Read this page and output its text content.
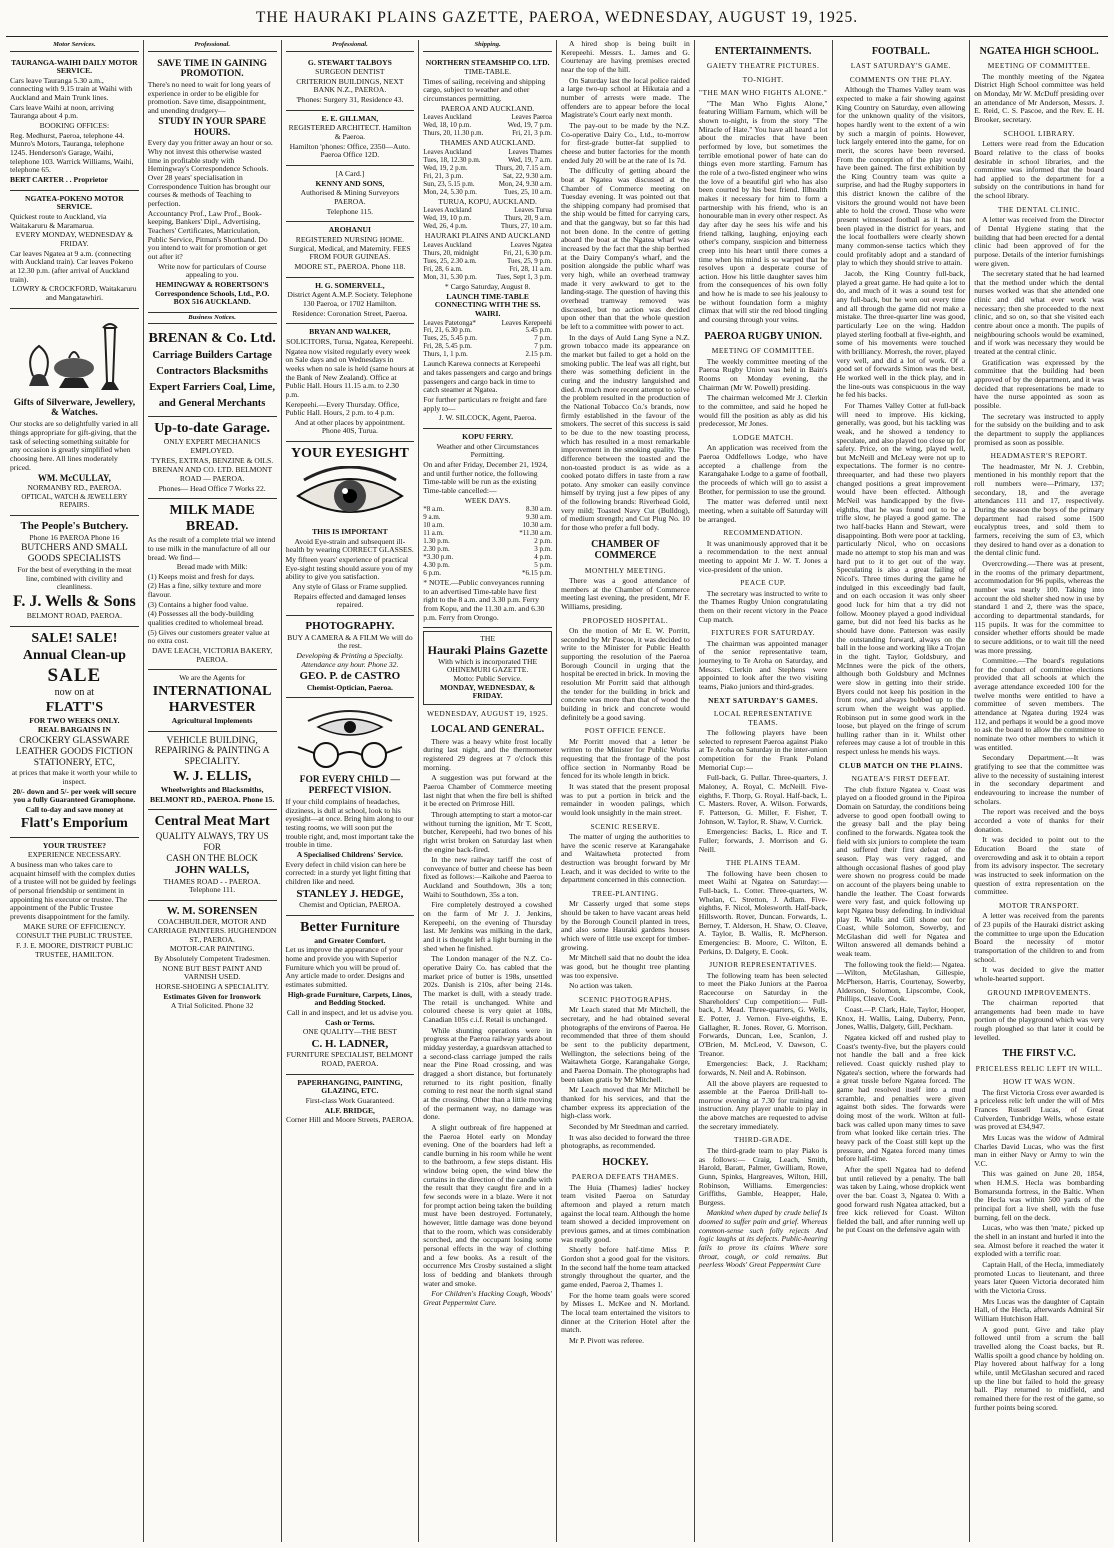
THE HAURAKI PLAINS GAZETTE, PAEROA, WEDNESDAY, AUGUST 19, 1925.
Motor Services.

TAURANGA-WAIHI DAILY MOTOR SERVICE.

Cars leave Tauranga 5.30 a.m., connecting with 9.15 train at Waihi with Auckland and Main Trunk lines.

Cars leave Waihi at noon, arriving Tauranga about 4 p.m.

BOOKING OFFICES:

Reg. Medhurst, Paeroa, telephone 44. Munro's Motors, Tauranga, telephone 1245. Henderson's Garage, Waihi, telephone 103. Warrick Williams, Waihi, telephone 65.

BERT CARTER . . Proprietor

NGATEA-POKENO MOTOR SERVICE.

Quickest route to Auckland, via Waitakaruru & Maramarua.

EVERY MONDAY, WEDNESDAY & FRIDAY.

Car leaves Ngatea at 9 a.m. (connecting with Auckland train). Car leaves Pokeno at 12.30 p.m. (after arrival of Auckland train).

LOWRY & CROCKFORD, Waitakaruru and Mangatawhiri.

Gifts of Silverware, Jewellery, & Watches.

Our stocks are so delightfully varied in all things appropriate for gift-giving, that the task of selecting something suitable for any occasion is greatly simplified when choosing here. All lines moderately priced.

WM. McCULLAY,

NORMANBY RD., PAEROA.

OPTICAL, WATCH & JEWELLERY REPAIRS.

The People's Butchery.

Phone 16 PAEROA Phone 16

BUTCHERS AND SMALL GOODS SPECIALISTS

For the best of everything in the meat line, combined with civility and cleanliness.

F. J. Wells & Sons

BELMONT ROAD, PAEROA.

SALE! SALE!

Annual Clean-up

SALE

now on at

FLATT'S

FOR TWO WEEKS ONLY.

REAL BARGAINS IN

CROCKERY GLASSWARE LEATHER GOODS FICTION STATIONERY, ETC,

at prices that make it worth your while to inspect.

20/- down and 5/- per week will secure you a fully Guaranteed Gramophone.

Call to-day and save money at

Flatt's Emporium

YOUR TRUSTEE?

EXPERIENCE NECESSARY.

A business man who takes care to acquaint himself with the complex duties of a trustee will not be guided by feelings of personal friendship or sentiment in appointing his executor or trustee. The appointment of the Public Trustee prevents disappointment for the family.

MAKE SURE OF EFFICIENCY.

CONSULT THE PUBLIC TRUSTEE.

F. J. E. MOORE, DISTRICT PUBLIC TRUSTEE, HAMILTON.

Professional.

SAVE TIME IN GAINING PROMOTION.

There's no need to wait for long years of experience in order to be eligible for promotion. Save time, disappointment, and unending drudgery—

STUDY IN YOUR SPARE HOURS.

Every day you fritter away an hour or so. Why not invest this otherwise wasted time in profitable study with Hemingway's Correspondence Schools. Over 28 years' specialisation in Correspondence Tuition has brought our courses & methods of Teaching to perfection.

Accountancy Prof., Law Prof., Book-keeping, Bankers' Dipl., Advertising, Teachers' Certificates, Matriculation, Public Service, Pitman's Shorthand. Do you intend to wait for promotion or get out after it?

Write now for particulars of Course appealing to you.

HEMINGWAY & ROBERTSON'S Correspondence Schools, Ltd., P.O. BOX 516 AUCKLAND.

Business Notices.

BRENAN & Co. Ltd.

Carriage Builders Cartage Contractors Blacksmiths Expert Farriers Coal, Lime, and General Merchants

Up-to-date Garage.

ONLY EXPERT MECHANICS EMPLOYED.

TYRES, EXTRAS, BENZINE & OILS.

BRENAN AND CO. LTD. BELMONT ROAD — PAEROA.

Phones— Head Office 7 Works 22.

MILK MADE BREAD.

As the result of a complete trial we intend to use milk in the manufacture of all our bread. We find—

Bread made with Milk:

(1) Keeps moist and fresh for days.

(2) Has a fine, silky texture and more flavour.

(3) Contains a higher food value.

(4) Possesses all the body-building qualities credited to wholemeal bread.

(5) Gives our customers greater value at no extra cost.

DAVE LEACH, VICTORIA BAKERY, PAEROA.

We are the Agents for

INTERNATIONAL HARVESTER

Agricultural Implements

VEHICLE BUILDING, REPAIRING & PAINTING A SPECIALITY.

W. J. ELLIS,

Wheelwrights and Blacksmiths,

BELMONT RD., PAEROA. Phone 15.

Central Meat Mart

QUALITY ALWAYS, TRY US FOR

CASH ON THE BLOCK

JOHN WALLS,

THAMES ROAD - - PAEROA. Telephone 111.

W. M. SORENSEN

COACHBUILDER, MOTOR AND CARRIAGE PAINTERS. HUGHENDON ST., PAEROA.

MOTOR-CAR PAINTING.

By Absolutely Competent Tradesmen.

NONE BUT BEST PAINT AND VARNISH USED.

HORSE-SHOEING A SPECIALITY.

Estimates Given for Ironwork

A Trial Solicited. Phone 32

Professional.

G. STEWART TALBOYS

SURGEON DENTIST

CRITERION BUILDINGS, NEXT BANK N.Z., PAEROA.

'Phones: Surgery 31, Residence 43.

E. E. GILLMAN,

REGISTERED ARCHITECT. Hamilton & Paeroa.

Hamilton 'phones: Office, 2350—Auto. Paeroa Office 12D.

[A Card.]

KENNY AND SONS,

Authorised & Mining Surveyors PAEROA.

Telephone 115.

AROHANUI

REGISTERED NURSING HOME. Surgical, Medical, and Maternity. FEES FROM FOUR GUINEAS.

MOORE ST., PAEROA. Phone 118.

H. G. SOMERVELL,

District Agent A.M.P. Society. Telephone 130 Paeroa, or 1702 Hamilton.

Residence: Coronation Street, Paeroa.

BRYAN AND WALKER,

SOLICITORS, Turua, Ngatea, Kerepeehi.

Ngatea now visited regularly every week on Sale days and on Wednesdays in weeks when no sale is held (same hours at the Bank of New Zealand). Office at Public Hall. Hours 11.15 a.m. to 2.30 p.m.

Kerepeehi.—Every Thursday. Office, Public Hall. Hours, 2 p.m. to 4 p.m.

And at other places by appointment. Phone 40S, Turua.

YOUR EYESIGHT

THIS IS IMPORTANT

Avoid Eye-strain and subsequent ill-health by wearing CORRECT GLASSES.

My fifteen years' experience of practical Eye-sight testing should assure you of my ability to give you satisfaction.

Any style of Glass or Frame supplied.

Repairs effected and damaged lenses repaired.

PHOTOGRAPHY.

BUY A CAMERA & A FILM We will do the rest.

Developing & Printing a Specialty. Attendance any hour. Phone 32.

GEO. P. de CASTRO

Chemist-Optician, Paeroa.

FOR EVERY CHILD —PERFECT VISION.

If your child complains of headaches, dizziness, is dull at school, look to his eyesight—at once. Bring him along to our testing rooms, we will soon put the trouble right, and, most important take the trouble in time.

A Specialised Childrens' Service.

Every defect in child vision can here be corrected: in a sturdy yet light fitting that children like and need.

STANLEY J. HEDGE,

Chemist and Optician, PAEROA.

Better Furniture

and Greater Comfort.

Let us improve the appearance of your home and provide you with Superior Furniture which you will be proud of. Any article made to order. Designs and estimates submitted.

High-grade Furniture, Carpets, Linos, and Bedding Stocked.

Call in and inspect, and let us advise you.

Cash or Terms.

ONE QUALITY—THE BEST

C. H. LADNER,

FURNITURE SPECIALIST, BELMONT ROAD, PAEROA.

PAPERHANGING, PAINTING, GLAZING, ETC.

First-class Work Guaranteed.

ALF. BRIDGE,

Corner Hill and Moore Streets, PAEROA.

Shipping.

NORTHERN STEAMSHIP CO. LTD.

TIME-TABLE.

Times of sailing, receiving and shipping cargo, subject to weather and other circumstances permitting.

PAEROA AND AUCKLAND.

Leaves Auckland	Leaves Paeroa
Wed, 18, 10 p.m.	Wed, 19, 7 p.m.
Thurs, 20, 11.30 p.m.	Fri, 21, 3 p.m.

THAMES AND AUCKLAND.

Leaves Auckland	Leaves Thames
Tues, 18, 12.30 p.m.	Wed, 19, 7 a.m.
Wed, 19, 2 p.m.	Thurs, 20, 7.15 a.m.
Fri, 21, 3 p.m.	Sat, 22, 9.30 a.m.
Sun, 23, 5.15 p.m.	Mon, 24, 9.30 a.m.
Mon, 24, 5.30 p.m.	Tues, 25, 10 a.m.

TURUA, KOPU, AUCKLAND.

Leaves Auckland	Leaves Turua
Wed, 19, 10 p.m.	Thurs, 20, 9 a.m.
Wed, 26, 4 p.m.	Thurs, 27, 10 a.m.

HAURAKI PLAINS AND AUCKLAND

Leaves Auckland	Leaves Ngatea
Thurs, 20, midnight	Fri, 21, 6.30 p.m.
Tues, 25, 2.30 a.m.	Tues, 25, 9 p.m.
Fri, 28, 6 a.m.	Fri, 28, 11 a.m.
Mon, 31, 5.30 p.m.	Tues, Sept 1, 3 p.m.

* Cargo Saturday, August 8.

LAUNCH TIME-TABLE CONNECTING WITH THE SS. WAIRI.

Leaves Patetonga*	Leaves Kerepeehi
Fri, 21, 6.30 p.m.	5.45 p.m.
Tues, 25, 5.45 p.m.	7 p.m.
Fri, 28, 5.45 p.m.	7 p.m.
Thurs, 1, 1 p.m.	2.15 p.m.

Launch Karewa connects at Kerepeehi and takes passengers and cargo and brings passengers and cargo back in time to catch steamer at Ngatea.

For further particulars re freight and fare apply to—

J. W. SILCOCK, Agent, Paeroa.

KOPU FERRY.

Weather and other Circumstances Permitting.

On and after Friday, December 21, 1924, and until further notice, the following Time-table will be run as the existing Time-table cancelled:—

WEEK DAYS.

*8 a.m.	8.30 a.m.
9 a.m.	9.30 a.m.
10 a.m.	10.30 a.m.
11 a.m.	*11.30 a.m.
1.30 p.m.	2 p.m.
2.30 p.m.	3 p.m.
*3.30 p.m.	4 p.m.
4.30 p.m.	5 p.m.
6 p.m.	*6.15 p.m.

* NOTE.—Public conveyances running to an advertised Time-table have first right to the 8 a.m. and 3.30 p.m. Ferry from Kopu, and the 11.30 a.m. and 6.30 p.m. Ferry from Orongo.

THE

Hauraki Plains Gazette

With which is incorporated THE OHINEMURI GAZETTE.

Motto: Public Service.

MONDAY, WEDNESDAY, & FRIDAY.

WEDNESDAY, AUGUST 19, 1925.

LOCAL AND GENERAL.

There was a heavy white frost locally during last night, and the thermometer registered 29 degrees at 7 o'clock this morning.

A suggestion was put forward at the Paeroa Chamber of Commerce meeting last night that when the fire bell is shifted it be erected on Primrose Hill.

Through attempting to start a motor-car without turning the ignition, Mr T. Scott, butcher, Kerepeehi, had two bones of his right wrist broken on Saturday last when the engine back-fired.

In the new railway tariff the cost of conveyance of butter and cheese has been fixed as follows:—Kaikohe and Paeroa to Auckland and Southdown, 30s a ton; Waihi to Southdown, 35s a ton.

Fire completely destroyed a cowshed on the farm of Mr J. J. Jenkins, Kerepeehi, on the evening of Thursday last. Mr Jenkins was milking in the dark, and it is thought left a light burning in the shed when he finished.

The London manager of the N.Z. Co-operative Dairy Co. has cabled that the market price of butter is 198s, unsettled 202s. Danish is 210s, after being 214s. The market is dull, with a steady trade. The retail is unchanged. White and coloured cheese is very quiet at 108s, Canadian 105s c.i.f. Retail is unchanged.

While shunting operations were in progress at the Paeroa railway yards about midday yesterday, a guardsvan attached to a second-class carriage jumped the rails near the Pine Road crossing, and was dragged a short distance, but fortunately returned to its right position, finally coming to rest near the north signal stand at the crossing. Other than a little moving of the permanent way, no damage was done.

A slight outbreak of fire happened at the Paeroa Hotel early on Monday evening. One of the boarders had left a candle burning in his room while he went to the bathroom, a few steps distant. His window being open, the wind blew the curtains in the direction of the candle with the result that they caught fire and in a few seconds were in a blaze. Were it not for prompt action being taken the building must have been destroyed. Fortunately, however, little damage was done beyond that to the room, which was considerably scorched, and the occupant losing some personal effects in the way of clothing and a few books. As a result of the occurrence Mrs Crosby sustained a slight loss of bedding and blankets through water and smoke.

For Children's Hacking Cough, Woods' Great Peppermint Cure.

A hired shop is being built in Kerepeehi. Messrs. L. James and G. Courtenay are having premises erected near the top of the hill.

On Saturday last the local police raided a large two-up school at Hikutaia and a number of arrests were made. The offenders are to appear before the local Magistrate's Court early next month.

The pay-out to be made by the N.Z. Co-operative Dairy Co., Ltd., to-morrow for first-grade butter-fat supplied to cheese and butter factories for the month ended July 20 will be at the rate of 1s 7d.

The difficulty of getting aboard the boat at Ngatea was discussed at the Chamber of Commerce meeting on Tuesday evening. It was pointed out that the shipping company had promised that the ship would be fitted for carrying cars, and that the gangway, but so far this had not been done. In the centre of getting aboard the boat at the Ngatea wharf was increased by the fact that the ship berthed at the Dairy Company's wharf, and the position alongside the public wharf was very high, while an overhead tramway made it very awkward to get to the landing-stage. The question of having this overhead tramway removed was discussed, but no action was decided upon other than that the whole question be left to a committee with power to act.

In the days of Auld Lang Syne a N.Z. grown tobacco made its appearance on the market but failed to get a hold on the smoking public. The leaf was all right, but there was something deficient in the curing and the industry languished and died. A much more recent attempt to solve the problem resulted in the production of the National Tobacco Co.'s brands, now firmly established in the favour of the smokers. The secret of this success is said to be due to the new toasting process, which has resulted in a most remarkable improvement in the smoking quality. The difference between the toasted and the non-toasted product is as wide as a cooked potato differs in taste from a raw potato. Any smoker can easily convince himself by trying just a few pipes of any of the following brands: Riverhead Gold, very mild; Toasted Navy Cut (Bulldog), of medium strength; and Cut Plug No. 10 for those who prefer a full body.

CHAMBER OF COMMERCE
MONTHLY MEETING.

There was a good attendance of members at the Chamber of Commerce meeting last evening, the president, Mr F. Williams, presiding.

PROPOSED HOSPITAL.

On the motion of Mr E. W. Porritt, seconded by Mr Pascoe, it was decided to write to the Minister for Public Health supporting the resolution of the Paeroa Borough Council in urging that the hospital be erected in brick. In moving the resolution Mr Porritt said that although the tender for the building in brick and concrete was more than that of wood the building in brick and concrete would definitely be a good saving.

POST OFFICE FENCE.

Mr Porritt moved that a letter be written to the Minister for Public Works requesting that the frontage of the post office section in Normanby Road be fenced for its whole length in brick.

It was stated that the present proposal was to put a portion in brick and the remainder in wooden palings, which would look unsightly in the main street.

SCENIC RESERVE.

The matter of urging the authorities to have the scenic reserve at Karangahake and Waitawheta protected from destruction was brought forward by Mr Leach, and it was decided to write to the department concerned in this connection.

TREE-PLANTING.

Mr Casserly urged that some steps should be taken to have vacant areas held by the Borough Council planted in trees, and also some Hauraki gardens houses which were of little use except for timber-growing.

Mr Mitchell said that no doubt the idea was good, but he thought tree planting was too expensive.

No action was taken.

SCENIC PHOTOGRAPHS.

Mr Leach stated that Mr Mitchell, the secretary, and he had obtained several photographs of the environs of Paeroa. He recommended that three of them should be sent to the publicity department, Wellington, the selections being of the Waitawheta Gorge, Karangahake Gorge, and Paeroa Domain. The photographs had been taken gratis by Mr Mitchell.

Mr Leach moved that Mr Mitchell be thanked for his services, and that the chamber express its appreciation of the high-class work.

Seconded by Mr Steedman and carried.

It was also decided to forward the three photographs, as recommended.

HOCKEY.
PAEROA DEFEATS THAMES.

The Huia (Thames) ladies' hockey team visited Paeroa on Saturday afternoon and played a return match against the local team. Although the home team showed a decided improvement on previous games, and at times combination was really good.

Shortly before half-time Miss P. Gordon shot a good goal for the visitors. In the second half the home team attacked strongly throughout the quarter, and the game ended, Paeroa 2, Thames 1.

For the home team goals were scored by Misses L. McKee and N. Morland. The local team entertained the visitors to dinner at the Criterion Hotel after the match.

Mr P. Pivott was referee.

ENTERTAINMENTS.
GAIETY THEATRE PICTURES.
TO-NIGHT.
"THE MAN WHO FIGHTS ALONE."

"The Man Who Fights Alone," featuring William Farnum, which will be shown to-night, is from the story "The Miracle of Hate." You have all heard a lot about the miracles that have been performed by love, but sometimes the terrible emotional power of hate can do things even more startling. Farnum has the role of a two-fisted engineer who wins the love of a beautiful girl who has also been courted by his best friend. Illhealth makes it necessary for him to form a partnership with his friend, who is an honourable man in every other respect. As day after day he sees his wife and his friend talking, laughing, enjoying each other's company, suspicion and bitterness creep into his heart until there comes a time when his mind is so warped that he resolves upon a desperate course of action. How his little daughter saves him from the consequences of his own folly and how he is made to see his jealousy to be without foundation form a mighty climax that will stir the red blood tingling and coursing through your veins.

PAEROA RUGBY UNION.
MEETING OF COMMITTEE.

The weekly committee meeting of the Paeroa Rugby Union was held in Bain's Rooms on Monday evening, the Chairman (Mr W. Powell) presiding.

The chairman welcomed Mr J. Clerkin to the committee, and said he hoped he would fill the position as ably as did his predecessor, Mr Jones.

LODGE MATCH.

An application was received from the Paeroa Oddfellows Lodge, who have accepted a challenge from the Karangahake Lodge to a game of football, the proceeds of which will go to assist a Brother, for permission to use the ground.

The matter was deferred until next meeting, when a suitable off Saturday will be arranged.

RECOMMENDATION.

It was unanimously approved that it be a recommendation to the next annual meeting to appoint Mr J. W. T. Jones a vice-president of the union.

PEACE CUP.

The secretary was instructed to write to the Thames Rugby Union congratulating them on their recent victory in the Peace Cup match.

FIXTURES FOR SATURDAY.

The chairman was appointed manager of the senior representative team, journeying to Te Aroha on Saturday, and Messrs. Clerkin and Stephens were appointed to look after the two visiting teams, Piako juniors and third-grades.

NEXT SATURDAY'S GAMES.
LOCAL REPRESENTATIVE TEAMS.

The following players have been selected to represent Paeroa against Piako at Te Aroha on Saturday in the inter-union competition for the Frank Poland Memorial Cup:—

Full-back, G. Pullar. Three-quarters, J. Maloney, A. Royal, C. McNeill. Five-eighths, F. Thorp, G. Royal. Half-back, L. C. Masters. Rover, A. Wilson. Forwards, F. Patterson, G. Miller, F. Fisher, T. Johnson, W. Taylor, R. Shaw, V. Currick.

Emergencies: Backs, L. Rice and T. Fuller; forwards, J. Morrison and G. Neill.

THE PLAINS TEAM.

The following have been chosen to meet Waihi at Ngatea on Saturday:— Full-back, L. Cotter. Three-quarters, W. Whelan, C. Stretton, J. Adlam. Five-eighths, F. Nicol, Molesworth. Half-back, Hillsworth. Rover, Duncan. Forwards, L. Berney, T. Alderson, H. Shaw, O. Cleave, A. Taylor, B. Wallis, R. McPherson. Emergencies: B. Moore, C. Wilton, E. Perkins, D. Dalgety, E. Cook.

JUNIOR REPRESENTATIVES.

The following team has been selected to meet the Piako Juniors at the Paeroa Racecourse on Saturday in the Shareholders' Cup competition:— Full-back, J. Mead. Three-quarters, G. Wells, E. Potter, J. Vernon. Five-eighths, E. Gallagher, R. Jones. Rover, G. Morrison. Forwards, Duncan, Lee, Scanlon, J. O'Brien, M. McLeod, V. Dawson, C. Treanor.

Emergencies: Back, J. Rackham; forwards, N. Neil and A. Robinson.

All the above players are requested to assemble at the Paeroa Drill-hall to-morrow evening at 7.30 for training and instruction. Any player unable to play in the above matches are requested to advise the secretary immediately.

THIRD-GRADE.

The third-grade team to play Piako is as follows:— Craig, Leach, Smith, Harold, Baratt, Palmer, Gwilliam, Rowe, Gunn, Spinks, Hargreaves, Wilton, Hill, Robinson, Williams. Emergencies: Griffiths, Gamble, Heapper, Hale, Burgess.

Mankind when duped by crude belief Is doomed to suffer pain and grief. Whereas common-sense such folly rejects And logic laughs at its defects. Public-hearing fails to prove its claims Where sore throat, cough, or cold remains. But peerless Woods' Great Peppermint Cure

FOOTBALL.
LAST SATURDAY'S GAME.
COMMENTS ON THE PLAY.

Although the Thames Valley team was expected to make a fair showing against King Country on Saturday, even allowing for the unknown quality of the visitors, hopes hardly went to the extent of a win by such a margin of points. However, luck largely entered into the game, for on merit, the scores have been reversed. From the conception of the play would have been gained. The first exhibition by the King Country team was quite a surprise, and had the Rugby supporters in this district known the calibre of the visitors the ground would not have been able to hold the crowd. Those who were present witnessed football as it has not been played in the district for years, and the local footballers were clearly shown many common-sense tactics which they could profitably adopt and a standard of play to which they should strive to attain.

Jacob, the King Country full-back, played a great game. He had quite a lot to do, and much of it was a sound test for any full-back, but he won out every time and all through the game did not make a mistake. The three-quarter line was good, particularly Lee on the wing. Haddon played sterling football at five-eighth, and some of his movements were touched with brilliancy. Morresh, the rover, played very well, and did a lot of work. Of a good set of forwards Simon was the best. He worked well in the thick play, and in the line-outs was conspicuous in the way he fed his backs.

For Thames Valley Cotter at full-back will need to improve. His kicking, generally, was good, but his tackling was weak, and he showed a tendency to speculate, and also played too close up for safety. Price, on the wing, played well, but McNeill and McLeay were not up to expectations. The former is no centre-threequarter, and had these two players changed positions a great improvement would have been effected. Although McNeil was handicapped by the five-eighths, that he was found out to be a trifle slow, he played a good game. The two half-backs Hann and Stewart, were disappointing. Both were poor at tackling, particularly Nicol, who on occasions made no attempt to stop his man and was hard put to it to get out of the way. Speculating is also a great failing of Nicol's. Three times during the game he indulged in this exceedingly bad fault, and on each occasion it was only sheer good luck for him that a try did not follow. Mooney played a good individual game, but did not feed his backs as he should have done. Patterson was easily the outstanding forward, always on the ball in the loose and working like a Trojan in the tight. Taylor, Goldsbury, and McInnes were the pick of the others, although both Goldsbury and McInnes were slow in getting into their stride. Byers could not keep his position in the front row, and always bobbed up to the scrum when the weight was applied. Robinson put in some good work in the loose, but played on the fringe of scrum hulling rather than in it. Whilst other referees may cause a lot of trouble in this respect unless he mends his ways.

CLUB MATCH ON THE PLAINS.
NGATEA'S FIRST DEFEAT.

The club fixture Ngatea v. Coast was played on a flooded ground in the Pipiroa Domain on Saturday, the conditions being adverse to good open football owing to the greasy ball and the play being confined to the forwards. Ngatea took the field with six juniors to complete the team and suffered their first defeat of the season. Play was very ragged, and although occasional flashes of good play were shown no progress could be made on account of the players being unable to handle the leather. The Coast forwards were very fast, and quick following up kept Ngatea busy defending. In individual play R. Walls and Gill shone out for Coast, while Solomon, Sowerby, and McGlashan did well for Ngatea and Wilton answered all demands behind a weak team.

The following took the field:— Ngatea.—Wilton, McGlashan, Gillespie, McPherson, Harris, Courtenay, Sowerby, Alderson, Solomon, Lipscombe, Cook, Phillips, Cleave, Cook.

Coast.—P. Clark, Hale, Taylor, Hooper, Knox, H. Wallis, Laing, Duberry, Penn, Jones, Wallis, Dalgety, Gill, Peckham.

Ngatea kicked off and rushed play to Coast's twenty-five, but the players could not handle the ball and a free kick relieved. Coast quickly rushed play to Ngatea's section, where the forwards had a great tussle before Ngatea forced. The game had resolved itself into a mud scramble, and penalties were given against both sides. The forwards were doing most of the work. Wilton at full-back was called upon many times to save from what looked like certain tries. The heavy pack of the Coast still kept up the pressure, and Ngatea forced many times before half-time.

After the spell Ngatea had to defend but until relieved by a penalty. The ball was taken by Laing, whose dropkick went over the bar. Coast 3, Ngatea 0. With a good forward rush Ngatea attacked, but a free kick relieved for Coast. Wilton fielded the ball, and after running well up he put Coast on the defensive again with

NGATEA HIGH SCHOOL.
MEETING OF COMMITTEE.

The monthly meeting of the Ngatea District High School committee was held on Monday, Mr W. McDuff presiding over an attendance of Mr Anderson, Messrs. J. E. Reid, C. S. Pascoe, and the Rev. E. H. Brooker, secretary.

SCHOOL LIBRARY.

Letters were read from the Education Board relative to the class of books desirable in school libraries, and the committee was informed that the board had applied to the department for a subsidy on the contributions in hand for the school library.

THE DENTAL CLINIC.

A letter was received from the Director of Dental Hygiene stating that the building that had been erected for a dental clinic had been approved of for the purpose. Details of the interior furnishings were given.

The secretary stated that he had learned that the method under which the dental nurses worked was that she attended one clinic and did what ever work was necessary; then she proceeded to the next clinic, and so on, so that she visited each centre about once a month. The pupils of neighbouring schools would be examined, and if work was necessary they would be treated at the central clinic.

Gratification was expressed by the committee that the building had been approved of by the department, and it was decided that representations be made to have the nurse appointed as soon as possible.

The secretary was instructed to apply for the subsidy on the building and to ask the department to supply the appliances promised as soon as possible.

HEADMASTER'S REPORT.

The headmaster, Mr N. J. Crebbin, mentioned in his monthly report that the roll numbers were—Primary, 137; secondary, 18, and the average attendances 111 and 17, respectively. During the season the boys of the primary department had raised some 1500 eucalyptus trees, and sold them to farmers, receiving the sum of £3, which they desired to hand over as a donation to the dental clinic fund.

Overcrowding.—There was at present, in the rooms of the primary department, accommodation for 96 pupils, whereas the number was nearly 100. Taking into account the old shelter shed now in use by standard 1 and 2, there was the space, according to departmental standards, for 115 pupils. It was for the committee to consider whether efforts should be made to secure additions, or to wait till the need was more pressing.

Committee.—The board's regulations for the conduct of committee elections provided that all schools at which the average attendance exceeded 100 for the twelve months were entitled to have a committee of seven members. The attendance at Ngatea during 1924 was 112, and perhaps it would be a good move to ask the board to allow the committee to nominate two other members to which it was entitled.

Secondary Department.—It was gratifying to see that the committee was alive to the necessity of sustaining interest in the secondary department and endeavouring to increase the number of scholars.

The report was received and the boys accorded a vote of thanks for their donation.

It was decided to point out to the Education Board the state of overcrowding and ask it to obtain a report from its advisory inspector. The secretary was instructed to seek information on the question of extra representation on the committee.

MOTOR TRANSPORT.

A letter was received from the parents of 23 pupils of the Hauraki district asking the committee to urge upon the Education Board the necessity of motor transportation of the children to and from school.

It was decided to give the matter whole-hearted support.

GROUND IMPROVEMENTS.

The chairman reported that arrangements had been made to have portion of the playground which was very rough ploughed so that later it could be levelled.

THE FIRST V.C.
PRICELESS RELIC LEFT IN WILL.
HOW IT WAS WON.

The first Victoria Cross ever awarded is a priceless relic left under the will of Mrs Frances Russell Lucas, of Great Culverden, Tunbridge Wells, whose estate was proved at £34,947.

Mrs Lucas was the widow of Admiral Charles David Lucas, who was the first man in either Navy or Army to win the V.C.

This was gained on June 20, 1854, when H.M.S. Hecla was bombarding Bomarsunda fortress, in the Baltic. When the Hecla was within 500 yards of the principal fort a live shell, with the fuse burning, fell on the deck.

Lucas, who was then 'mate,' picked up the shell in an instant and hurled it into the sea. Almost before it reached the water it exploded with a terrific roar.

Captain Hall, of the Hecla, immediately promoted Lucas to lieutenant, and three years later Queen Victoria decorated him with the Victoria Cross.

Mrs Lucas was the daughter of Captain Hall, of the Hecla, afterwards Admiral Sir William Hutchison Hall.

A good punt. Give and take play followed until from a scrum the ball travelled along the Coast backs, but R. Wallis spoilt a good chance by holding on. Play hovered about halfway for a long while, until McGlashan secured and raced up the line but failed to hold the greasy ball. Play returned to midfield, and remained there for the rest of the game, so further points being scored.
